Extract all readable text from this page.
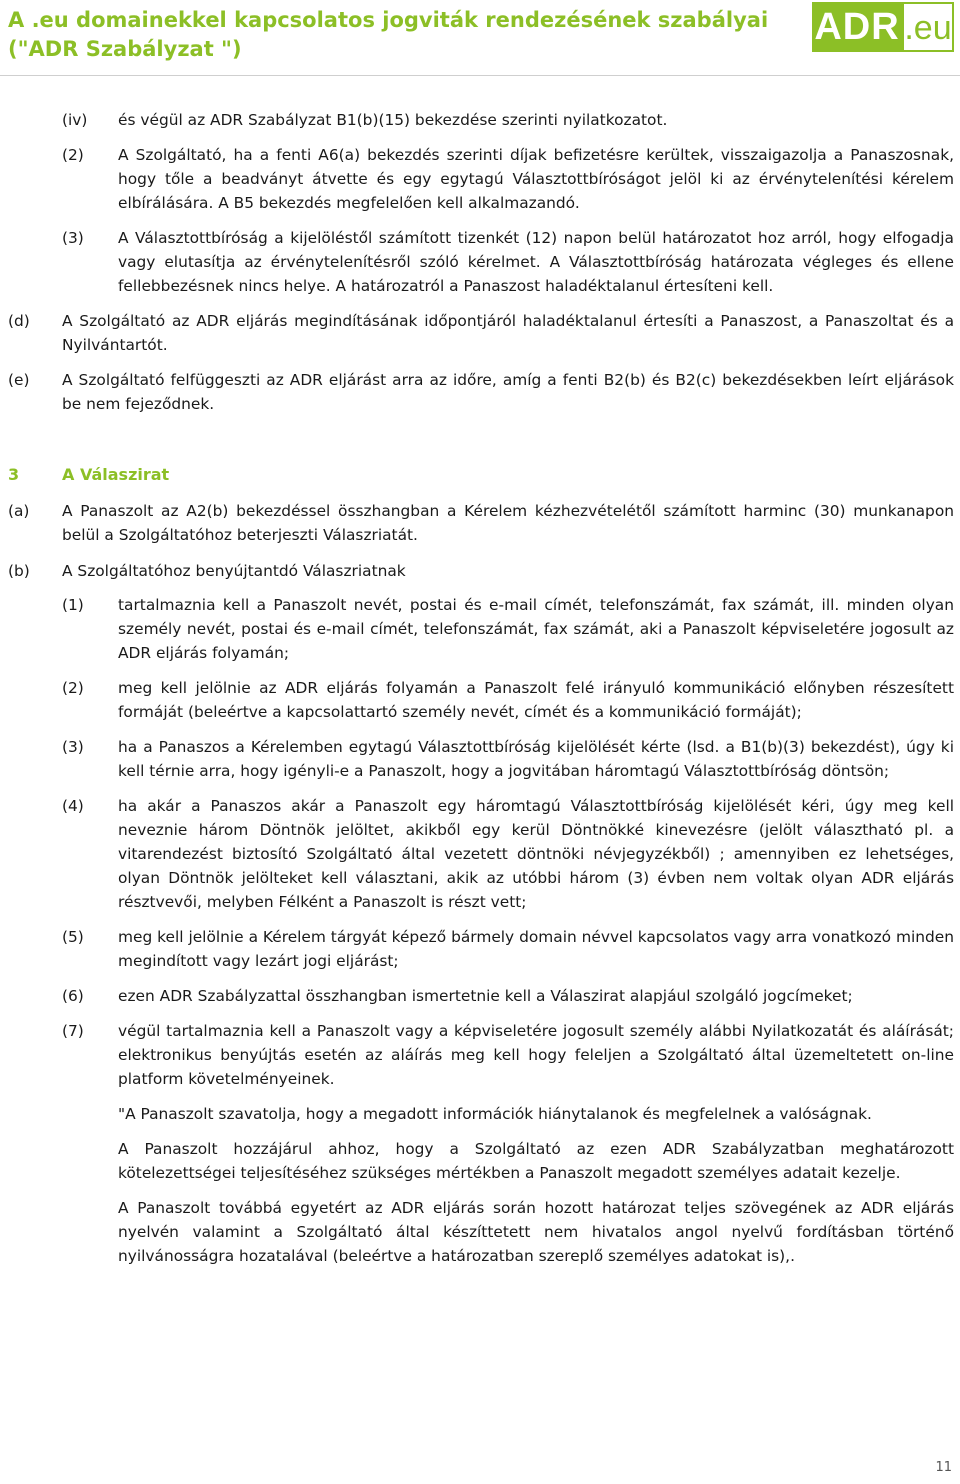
A .eu domainekkel kapcsolatos jogviták rendezésének szabályai
("ADR Szabályzat ")
ADR .eu
(iv) és végül az ADR Szabályzat B1(b)(15) bekezdése szerinti nyilatkozatot.
(2) A Szolgáltató, ha a fenti A6(a) bekezdés szerinti díjak befizetésre kerültek, visszaigazolja a Panaszosnak, hogy tőle a beadványt átvette és egy egytagú Választottbíróságot jelöl ki az érvénytelenítési kérelem elbírálására. A B5 bekezdés megfelelően kell alkalmazandó.
(3) A Választottbíróság a kijelöléstől számított tizenkét (12) napon belül határozatot hoz arról, hogy elfogadja vagy elutasítja az érvénytelenítésről szóló kérelmet. A Választottbíróság határozata végleges és ellene fellebbezésnek nincs helye. A határozatról a Panaszost haladéktalanul értesíteni kell.
(d) A Szolgáltató az ADR eljárás megindításának időpontjáról haladéktalanul értesíti a Panaszost, a Panaszoltat és a Nyilvántartót.
(e) A Szolgáltató felfüggeszti az ADR eljárást arra az időre, amíg a fenti B2(b) és B2(c) bekezdésekben leírt eljárások be nem fejeződnek.
3	A Válaszirat
(a) A Panaszolt az A2(b) bekezdéssel összhangban a Kérelem kézhezvételétől számított harminc (30) munkanapon belül a Szolgáltatóhoz beterjeszti Válaszriatát.
(b) A Szolgáltatóhoz benyújtantdó Válaszriatnak
(1) tartalmaznia kell a Panaszolt nevét, postai és e-mail címét, telefonszámát, fax számát, ill. minden olyan személy nevét, postai és e-mail címét, telefonszámát, fax számát, aki a Panaszolt képviseletére jogosult az ADR eljárás folyamán;
(2) meg kell jelölnie az ADR eljárás folyamán a Panaszolt felé irányuló kommunikáció előnyben részesített formáját (beleértve a kapcsolattartó személy nevét, címét és a kommunikáció formáját);
(3) ha a Panaszos a Kérelemben egytagú Választottbíróság kijelölését kérte (lsd. a B1(b)(3) bekezdést), úgy ki kell térnie arra, hogy igényli-e a Panaszolt, hogy a jogvitában háromtagú Választottbíróság döntsön;
(4) ha akár a Panaszos akár a Panaszolt egy háromtagú Választottbíróság kijelölését kéri, úgy meg kell neveznie három Döntnök jelöltet, akikből egy kerül Döntnökké kinevezésre (jelölt választható pl. a vitarendezést biztosító Szolgáltató által vezetett döntnöki névjegyzékből) ; amennyiben ez lehetséges, olyan Döntnök jelölteket kell választani, akik az utóbbi három (3) évben nem voltak olyan ADR eljárás résztvevői, melyben Félként a Panaszolt is részt vett;
(5) meg kell jelölnie a Kérelem tárgyát képező bármely domain névvel kapcsolatos vagy arra vonatkozó minden megindított vagy lezárt jogi eljárást;
(6) ezen ADR Szabályzattal összhangban ismertetnie kell a Válaszirat alapjául szolgáló jogcímeket;
(7) végül tartalmaznia kell a Panaszolt vagy a képviseletére jogosult személy alábbi Nyilatkozatát és aláírását; elektronikus benyújtás esetén az aláírás meg kell hogy feleljen a Szolgáltató által üzemeltetett on-line platform követelményeinek.
"A Panaszolt szavatolja, hogy a megadott információk hiánytalanok és megfelelnek a valóságnak.
A Panaszolt hozzájárul ahhoz, hogy a Szolgáltató az ezen ADR Szabályzatban meghatározott kötelezettségei teljesítéséhez szükséges mértékben a Panaszolt megadott személyes adatait kezelje.
A Panaszolt továbbá egyetért az ADR eljárás során hozott határozat teljes szövegének az ADR eljárás nyelvén valamint a Szolgáltató által készíttetett nem hivatalos angol nyelvű fordításban történő nyilvánosságra hozatalával (beleértve a határozatban szereplő személyes adatokat is),.
11
